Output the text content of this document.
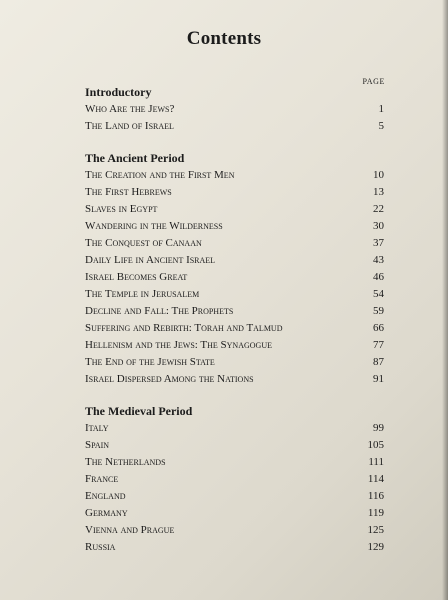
Contents
PAGE
Introductory
Who Are the Jews?	1
The Land of Israel	5
The Ancient Period
The Creation and the First Men	10
The First Hebrews	13
Slaves in Egypt	22
Wandering in the Wilderness	30
The Conquest of Canaan	37
Daily Life in Ancient Israel	43
Israel Becomes Great	46
The Temple in Jerusalem	54
Decline and Fall: The Prophets	59
Suffering and Rebirth: Torah and Talmud	66
Hellenism and the Jews: The Synagogue	77
The End of the Jewish State	87
Israel Dispersed Among the Nations	91
The Medieval Period
Italy	99
Spain	105
The Netherlands	111
France	114
England	116
Germany	119
Vienna and Prague	125
Russia	129
